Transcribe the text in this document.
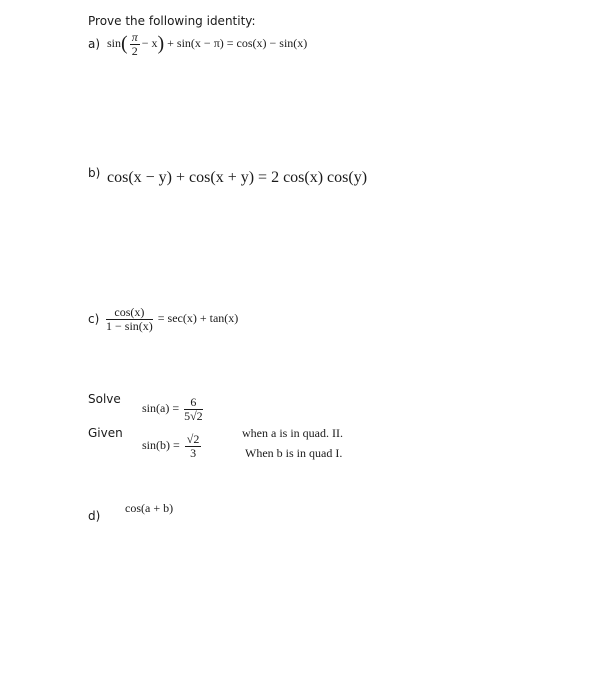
Prove the following identity:
a) $\sin( \frac{\pi}{2} - x) + \sin(x - \pi) = \cos(x) - \sin(x)$
b) cos(x − y) + cos(x + y) = 2 cos(x) cos(y)
$c) \frac{\cos(x)}{1 - \sin(x)} = \sec(x) + \tan(x)$
Solve
Given
$\sin(a) = \frac{6}{5√2}$
$\sin(b) = \frac{√2}{3}$	when a is in quad. II.
When b is in quad I.
cos(a + b)
d)
